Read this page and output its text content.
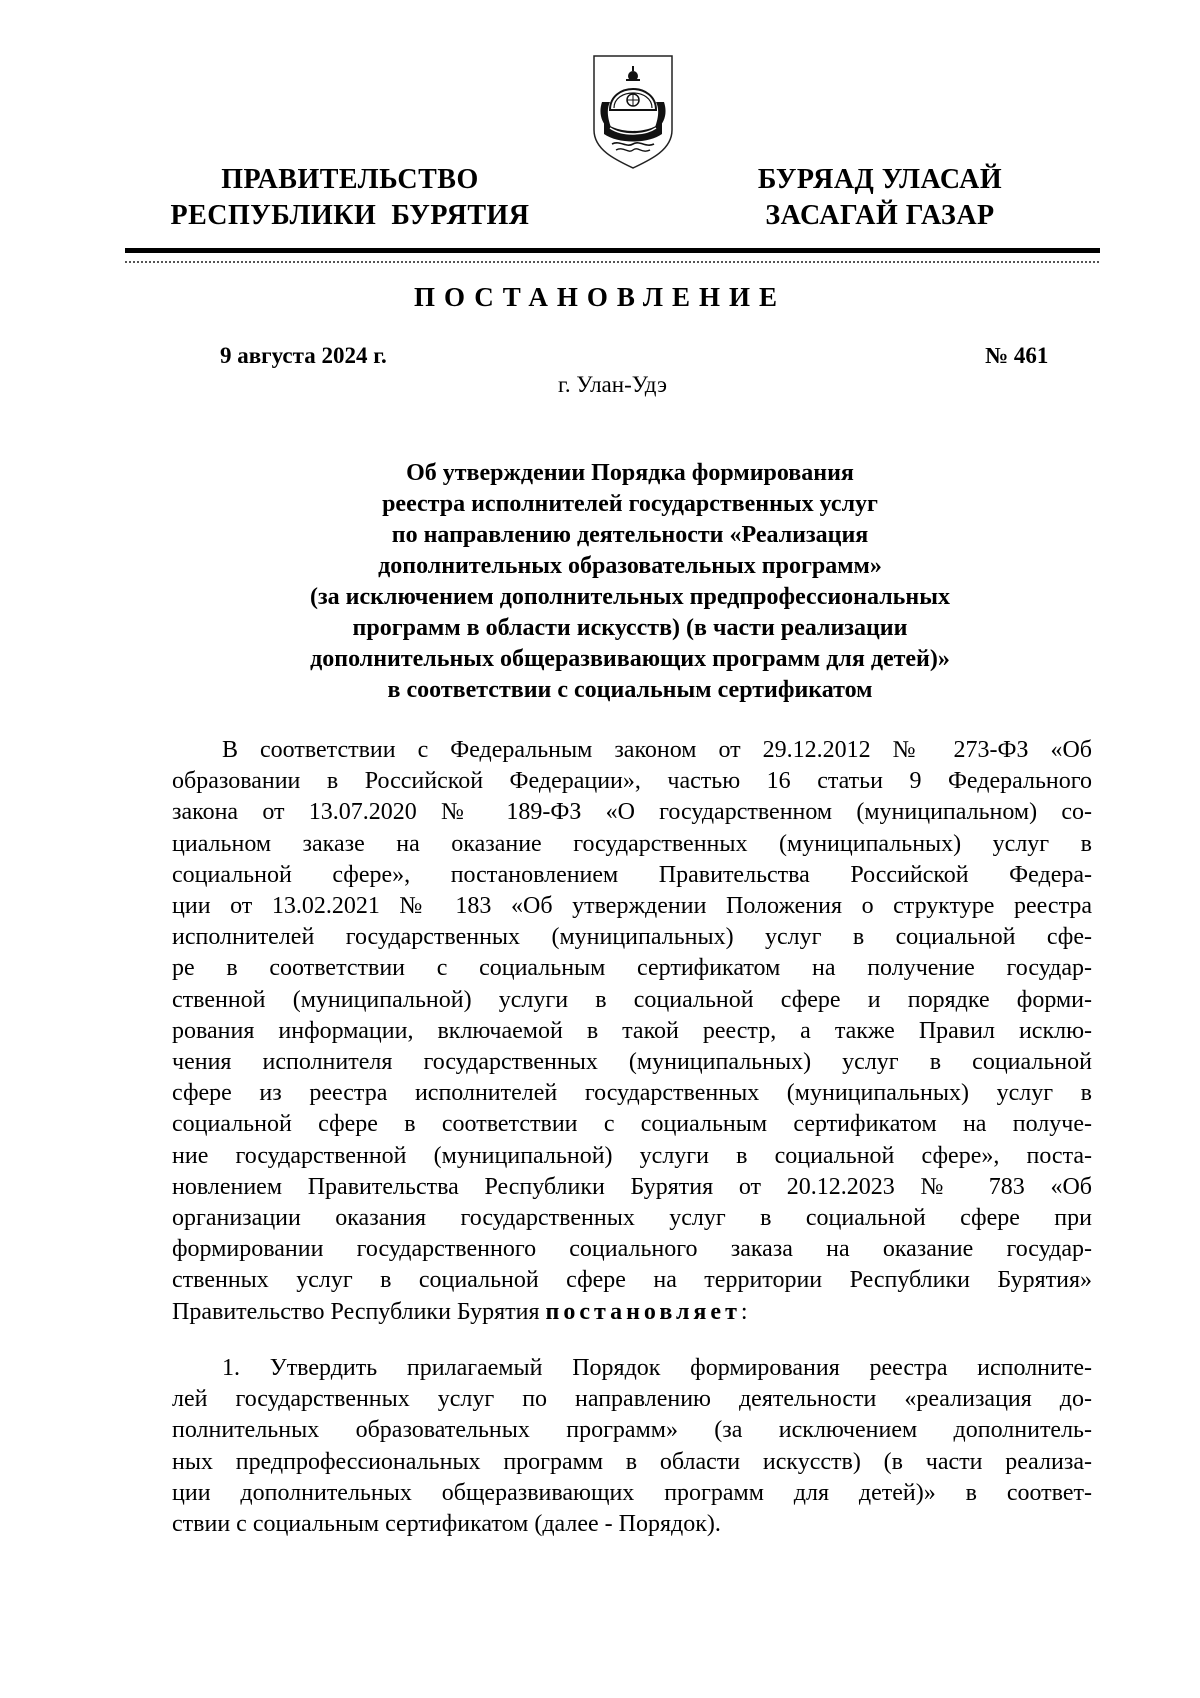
ПРАВИТЕЛЬСТВО
РЕСПУБЛИКИ  БУРЯТИЯ
БУРЯАД УЛАСАЙ
ЗАСАГАЙ ГАЗАР
ПОСТАНОВЛЕНИЕ
9 августа 2024 г.	№ 461
г. Улан-Удэ
Об утверждении Порядка формирования
реестра исполнителей государственных услуг
по направлению деятельности «Реализация
дополнительных образовательных программ»
(за исключением дополнительных предпрофессиональных
программ в области искусств) (в части реализации
дополнительных общеразвивающих программ для детей)»
в соответствии с социальным сертификатом
В соответствии с Федеральным законом от 29.12.2012 № 273-ФЗ «Об
образовании в Российской Федерации», частью 16 статьи 9 Федерального
закона от 13.07.2020 № 189-ФЗ «О государственном (муниципальном) со-
циальном заказе на оказание государственных (муниципальных) услуг в
социальной сфере», постановлением Правительства Российской Федера-
ции от 13.02.2021 № 183 «Об утверждении Положения о структуре реестра
исполнителей государственных (муниципальных) услуг в социальной сфе-
ре в соответствии с социальным сертификатом на получение государ-
ственной (муниципальной) услуги в социальной сфере и порядке форми-
рования информации, включаемой в такой реестр, а также Правил исклю-
чения исполнителя государственных (муниципальных) услуг в социальной
сфере из реестра исполнителей государственных (муниципальных) услуг в
социальной сфере в соответствии с социальным сертификатом на получе-
ние государственной (муниципальной) услуги в социальной сфере», поста-
новлением Правительства Республики Бурятия от 20.12.2023 № 783 «Об
организации оказания государственных услуг в социальной сфере при
формировании государственного социального заказа на оказание государ-
ственных услуг в социальной сфере на территории Республики Бурятия»
Правительство Республики Бурятия постановляет:
1. Утвердить прилагаемый Порядок формирования реестра исполните-
лей государственных услуг по направлению деятельности «реализация до-
полнительных образовательных программ» (за исключением дополнитель-
ных предпрофессиональных программ в области искусств) (в части реализа-
ции дополнительных общеразвивающих программ для детей)» в соответ-
ствии с социальным сертификатом (далее - Порядок).
